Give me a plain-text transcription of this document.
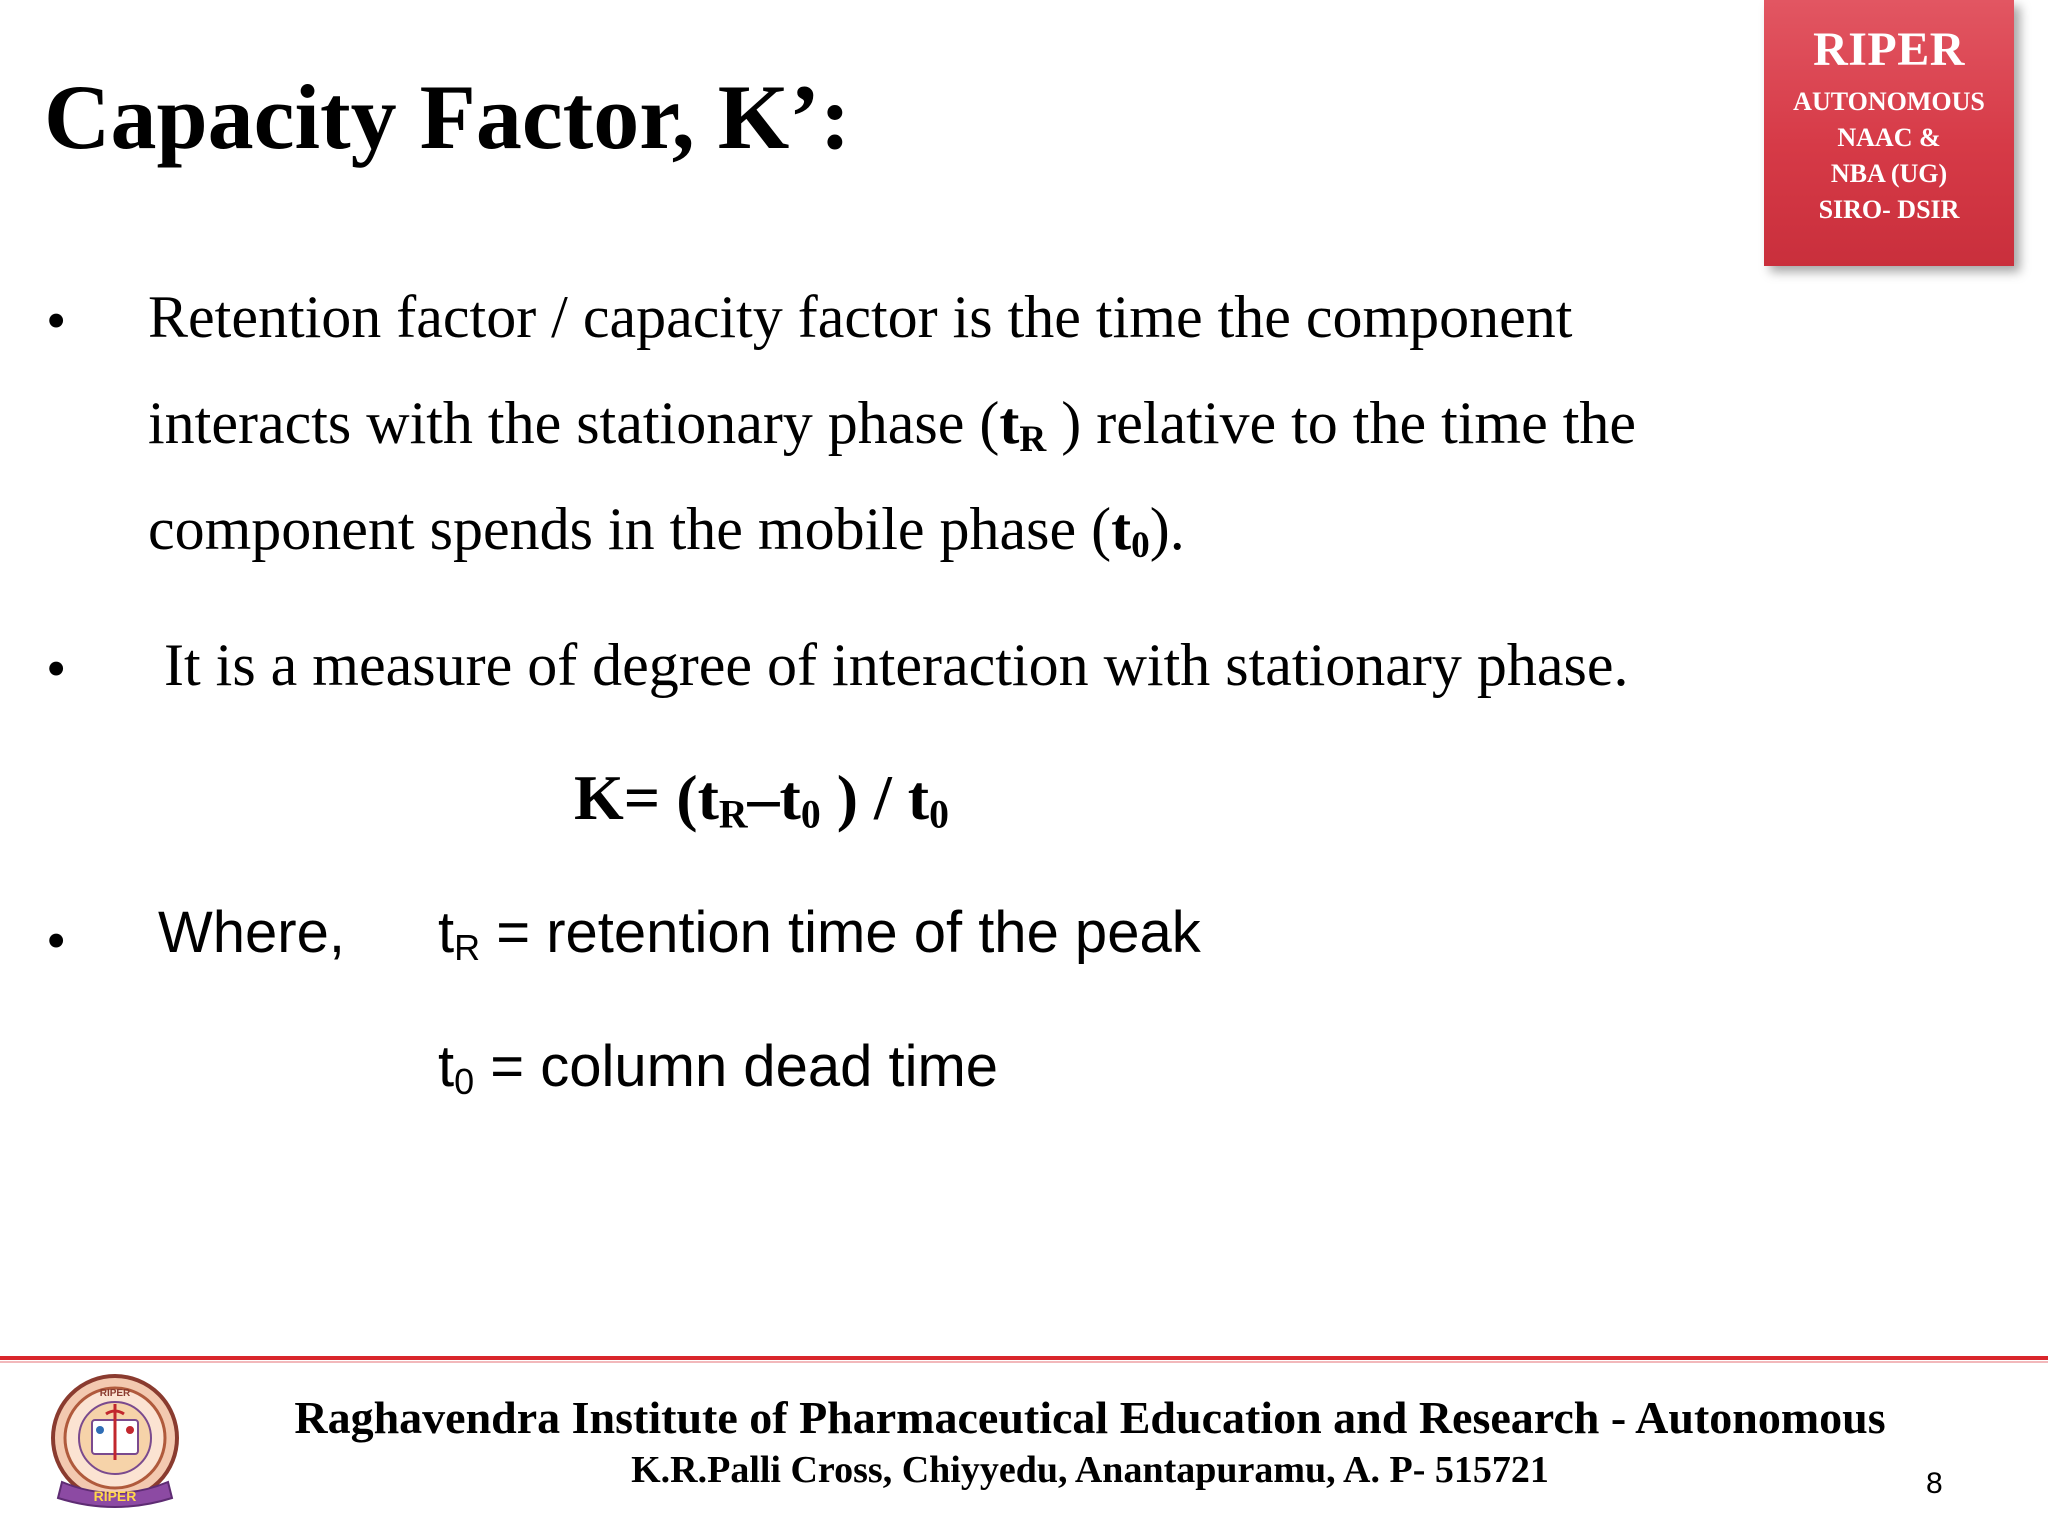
Capacity Factor, K’:
RIPER
AUTONOMOUS
NAAC &
NBA (UG)
SIRO- DSIR
• Retention factor / capacity factor is the time the component
interacts with the stationary phase ($t_R$ ) relative to the time the
component spends in the mobile phase $(t_0)$.
• It is a measure of degree of interaction with stationary phase.
$K= (t_R-t_0$ ) / $t_0$
• Where, $t_R$ = retention time of the peak
$t_0$ = column dead time
RIPER
RIPER	Raghavendra Institute of Pharmaceutical Education and Research - Autonomous
K.R.Palli Cross, Chiyyedu, Anantapuramu, A. P- 515721	8
